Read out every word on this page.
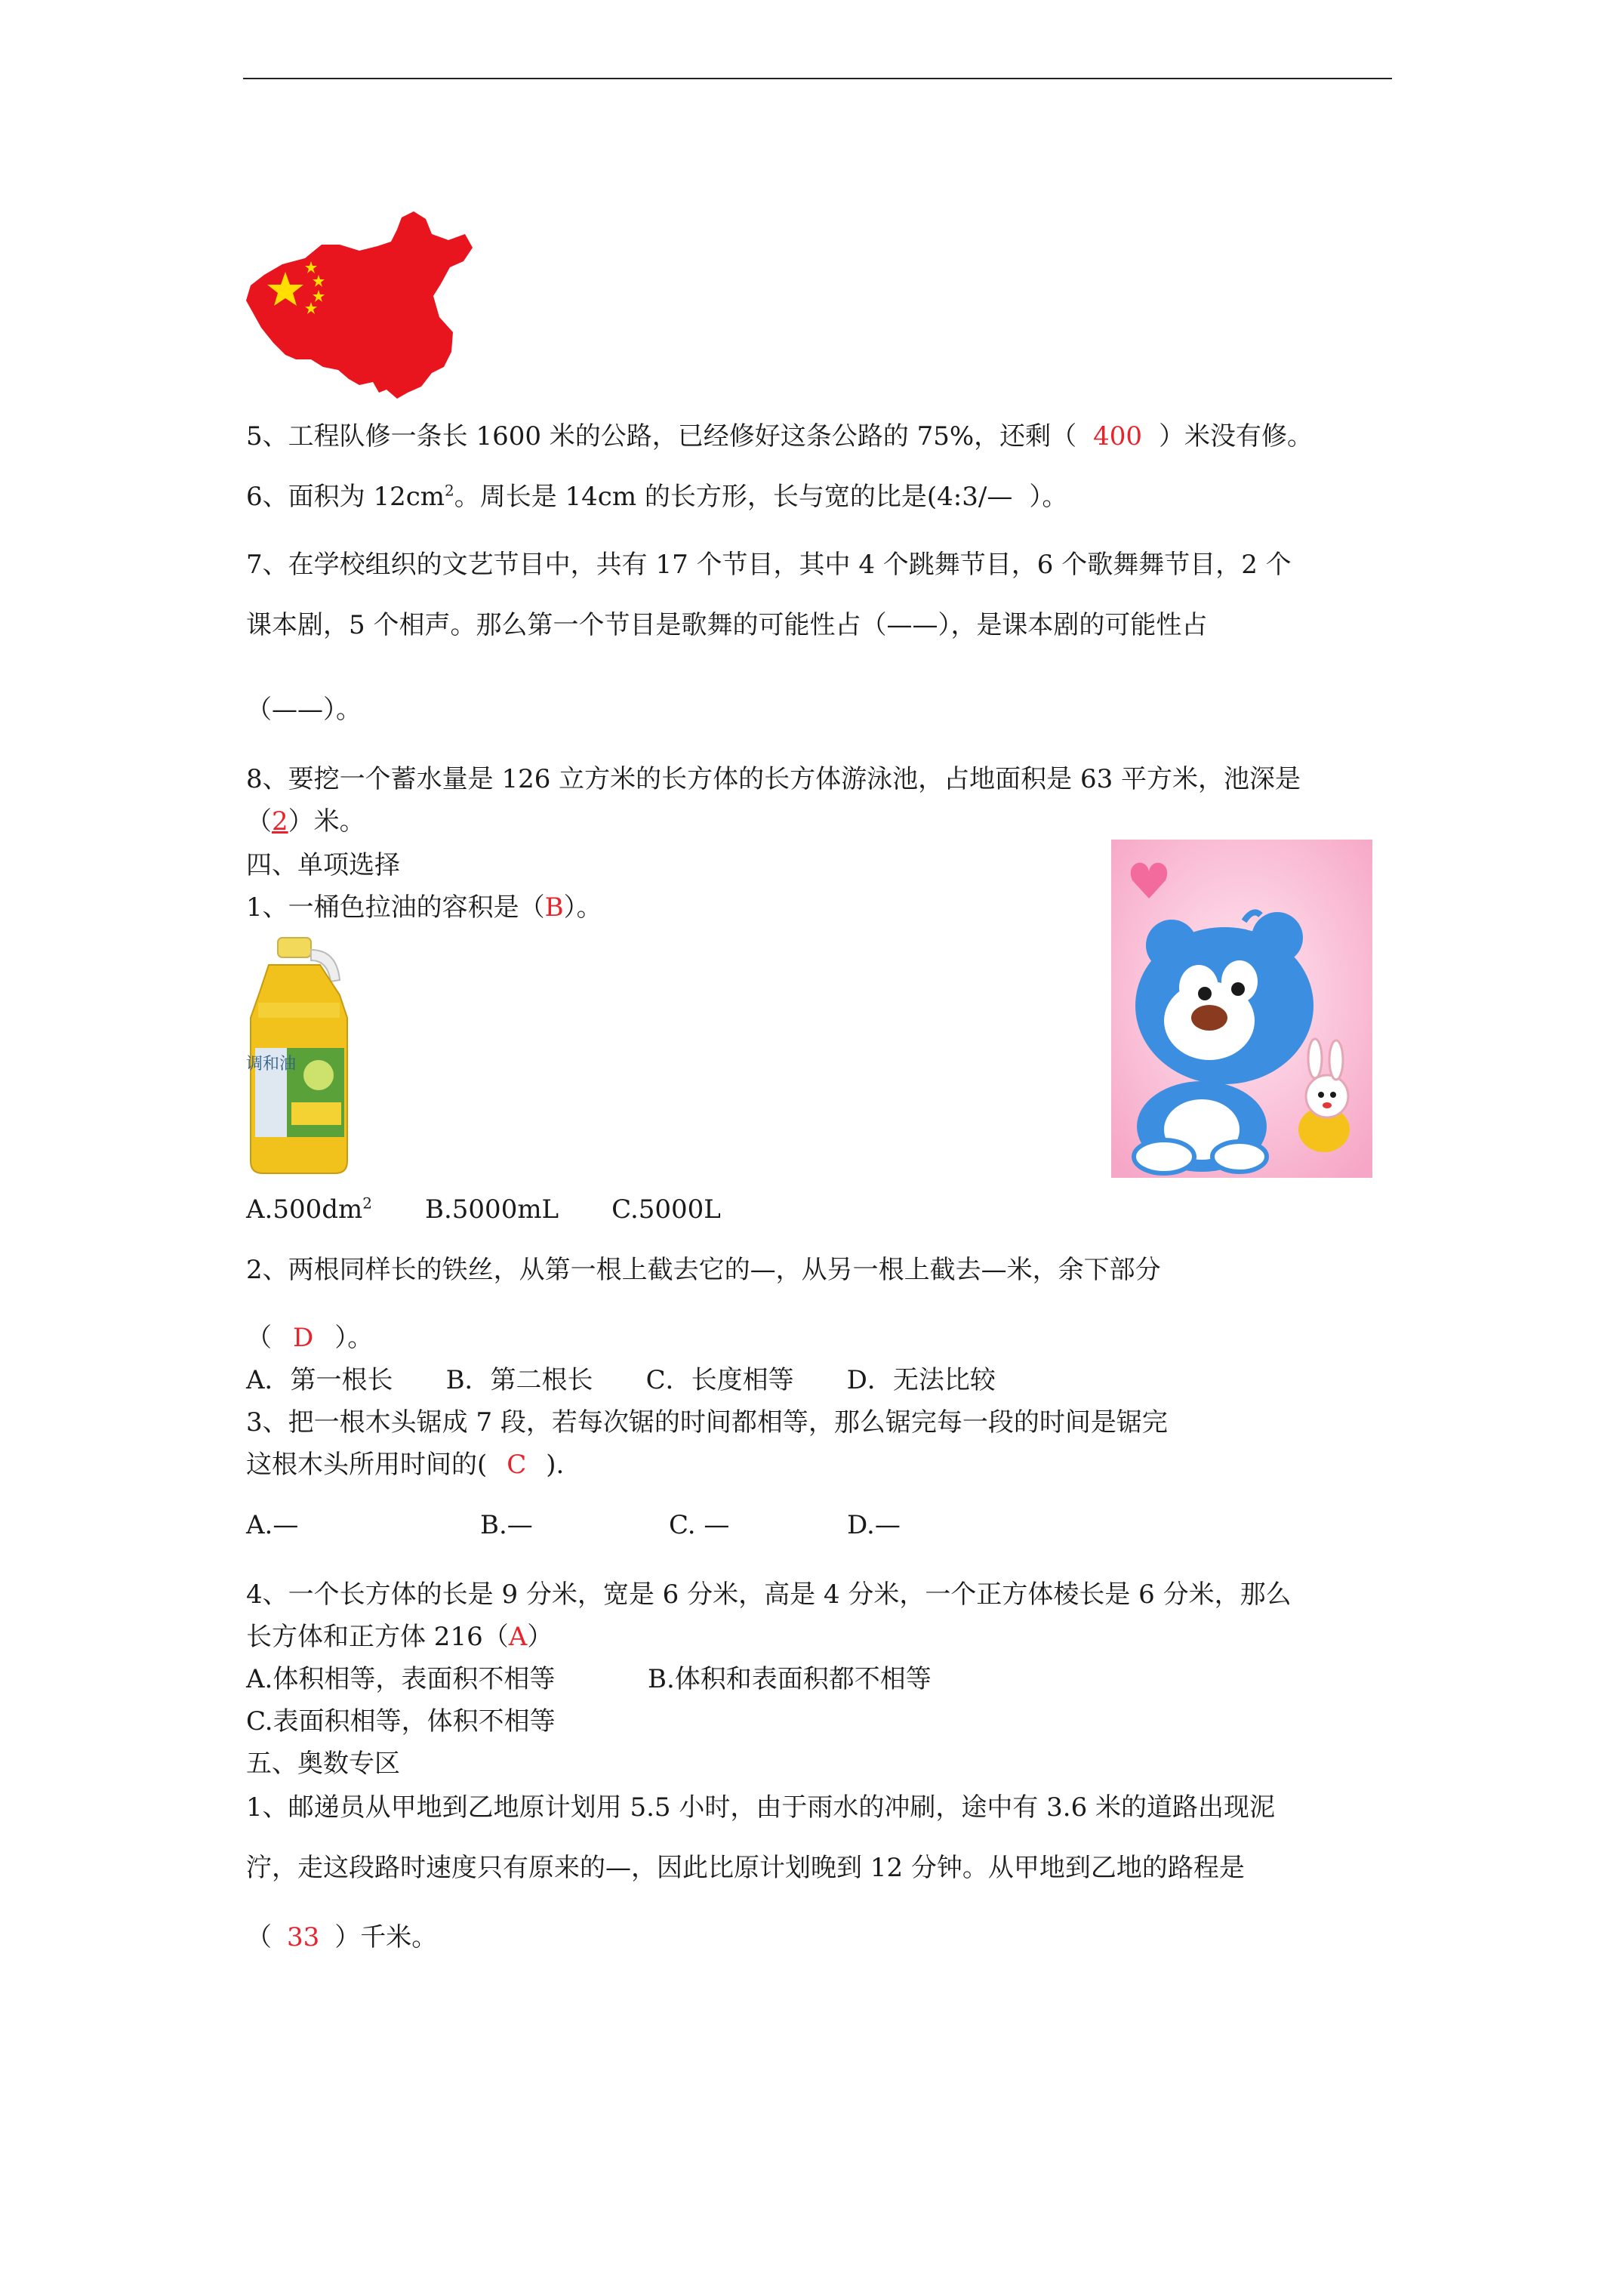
5、工程队修一条长 1600 米的公路，已经修好这条公路的 75%，还剩（ 400 ）米没有修。
6、面积为 $12cm^2$。周长是 14cm 的长方形，长与宽的比是(4:3/— ）。
7、在学校组织的文艺节目中，共有 17 个节目，其中 4 个跳舞节目，6 个歌舞舞节目，2 个
课本剧，5 个相声。那么第一个节目是歌舞的可能性占（——），是课本剧的可能性占
（——）。
8、要挖一个蓄水量是 126 立方米的长方体的长方体游泳池，占地面积是 63 平方米，池深是
（2）米。
四、单项选择
1、一桶色拉油的容积是（B）。
调和油
$A.500dm^2$ B.5000mL C.5000L
2、两根同样长的铁丝，从第一根上截去它的—，从另一根上截去—米，余下部分
（ D ）。
A．第一根长 B．第二根长 C．长度相等 D．无法比较
3、把一根木头锯成 7 段，若每次锯的时间都相等，那么锯完每一段的时间是锯完
这根木头所用时间的( C ).
A.—	B.—	C. —	D.—
4、一个长方体的长是 9 分米，宽是 6 分米，高是 4 分米，一个正方体棱长是 6 分米，那么
长方体和正方体 216（A）
A.体积相等，表面积不相等	B.体积和表面积都不相等
C.表面积相等，体积不相等
五、奥数专区
1、邮递员从甲地到乙地原计划用 5.5 小时，由于雨水的冲刷，途中有 3.6 米的道路出现泥
泞，走这段路时速度只有原来的—，因此比原计划晚到 12 分钟。从甲地到乙地的路程是
（ 33 ）千米。
